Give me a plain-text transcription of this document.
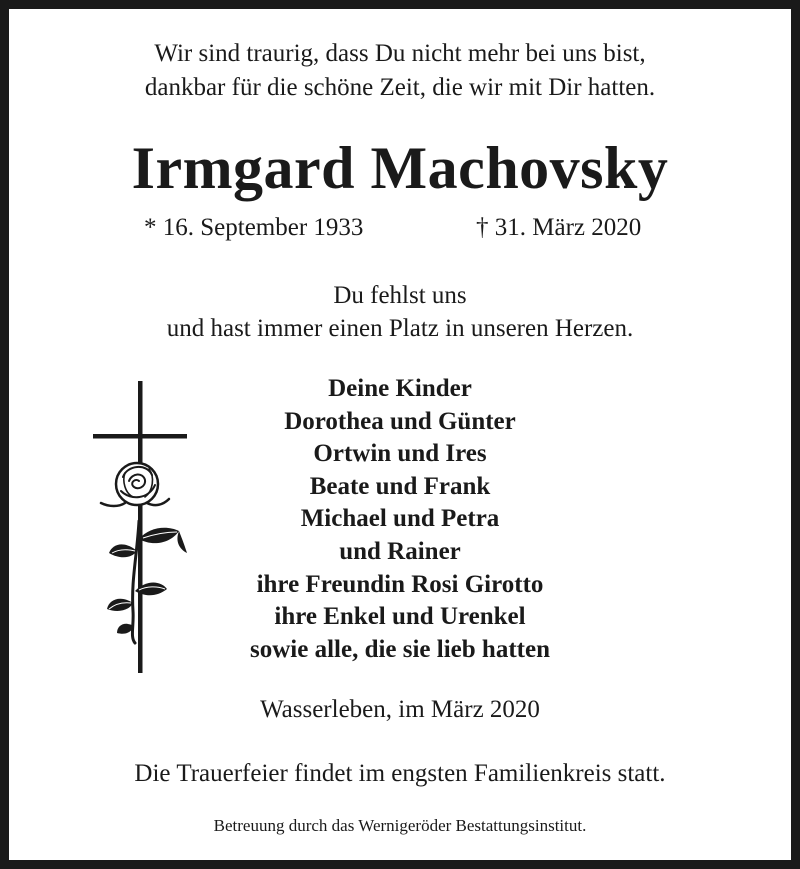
Wir sind traurig, dass Du nicht mehr bei uns bist,
dankbar für die schöne Zeit, die wir mit Dir hatten.
Irmgard Machovsky
* 16. September 1933	† 31. März 2020
Du fehlst uns
und hast immer einen Platz in unseren Herzen.
Deine Kinder
Dorothea und Günter
Ortwin und Ires
Beate und Frank
Michael und Petra
und Rainer
ihre Freundin Rosi Girotto
ihre Enkel und Urenkel
sowie alle, die sie lieb hatten
Wasserleben, im März 2020
Die Trauerfeier findet im engsten Familienkreis statt.
Betreuung durch das Wernigeröder Bestattungsinstitut.
